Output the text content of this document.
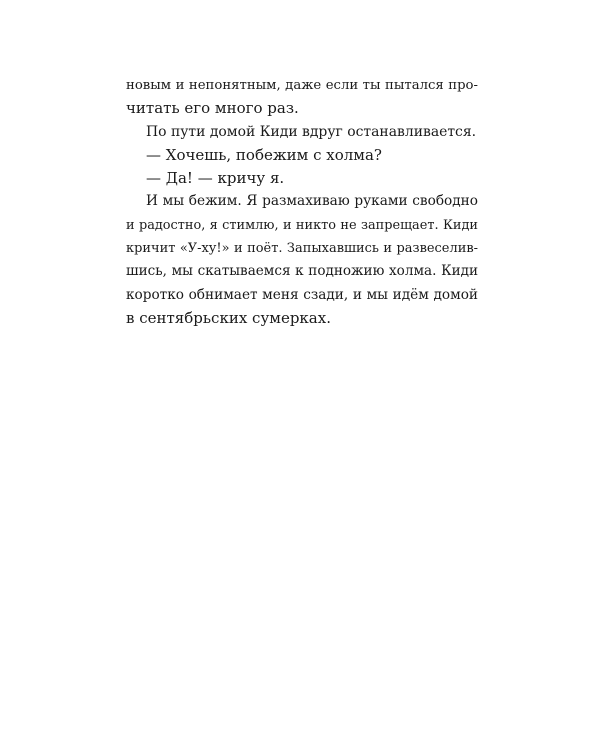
новым и непонятным, даже если ты пытался про-
читать его много раз.
По пути домой Киди вдруг останавливается.
— Хочешь, побежим с холма?
— Да! — кричу я.
И мы бежим. Я размахиваю руками свободно
и радостно, я стимлю, и никто не запрещает. Киди
кричит «У-ху!» и поёт. Запыхавшись и развеселив-
шись, мы скатываемся к подножию холма. Киди
коротко обнимает меня сзади, и мы идём домой
в сентябрьских сумерках.
